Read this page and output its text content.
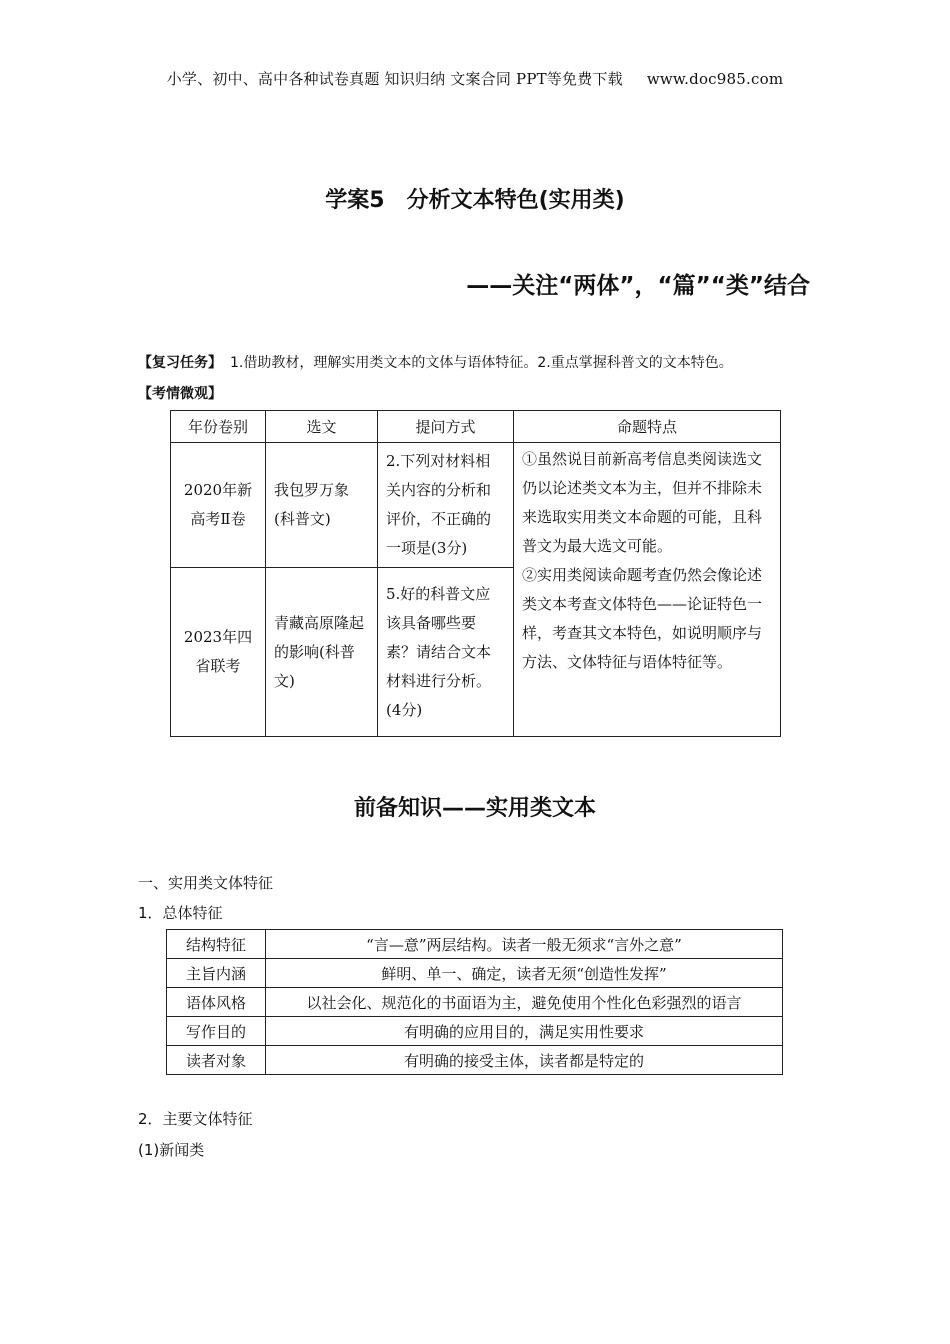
小学、初中、高中各种试卷真题 知识归纳 文案合同 PPT等免费下载 www.doc985.com
学案5　分析文本特色(实用类)
——关注“两体”，“篇”“类”结合
【复习任务】 1.借助教材，理解实用类文本的文体与语体特征。2.重点掌握科普文的文本特色。
【考情微观】
年份卷别	选文	提问方式	命题特点
2020年新高考Ⅱ卷	我包罗万象(科普文)	2.下列对材料相关内容的分析和评价，不正确的一项是(3分)	①虽然说目前新高考信息类阅读选文仍以论述类文本为主，但并不排除未来选取实用类文本命题的可能，且科普文为最大选文可能。
②实用类阅读命题考查仍然会像论述类文本考查文体特色——论证特色一样，考查其文本特色，如说明顺序与方法、文体特征与语体特征等。

2023年四省联考	青藏高原隆起的影响(科普文)	5.好的科普文应该具备哪些要素？请结合文本材料进行分析。(4分)	
前备知识——实用类文本
一、实用类文体特征
1．总体特征
结构特征	“言—意”两层结构。读者一般无须求“言外之意”
主旨内涵	鲜明、单一、确定，读者无须“创造性发挥”
语体风格	以社会化、规范化的书面语为主，避免使用个性化色彩强烈的语言
写作目的	有明确的应用目的，满足实用性要求
读者对象	有明确的接受主体，读者都是特定的
2．主要文体特征
(1)新闻类
